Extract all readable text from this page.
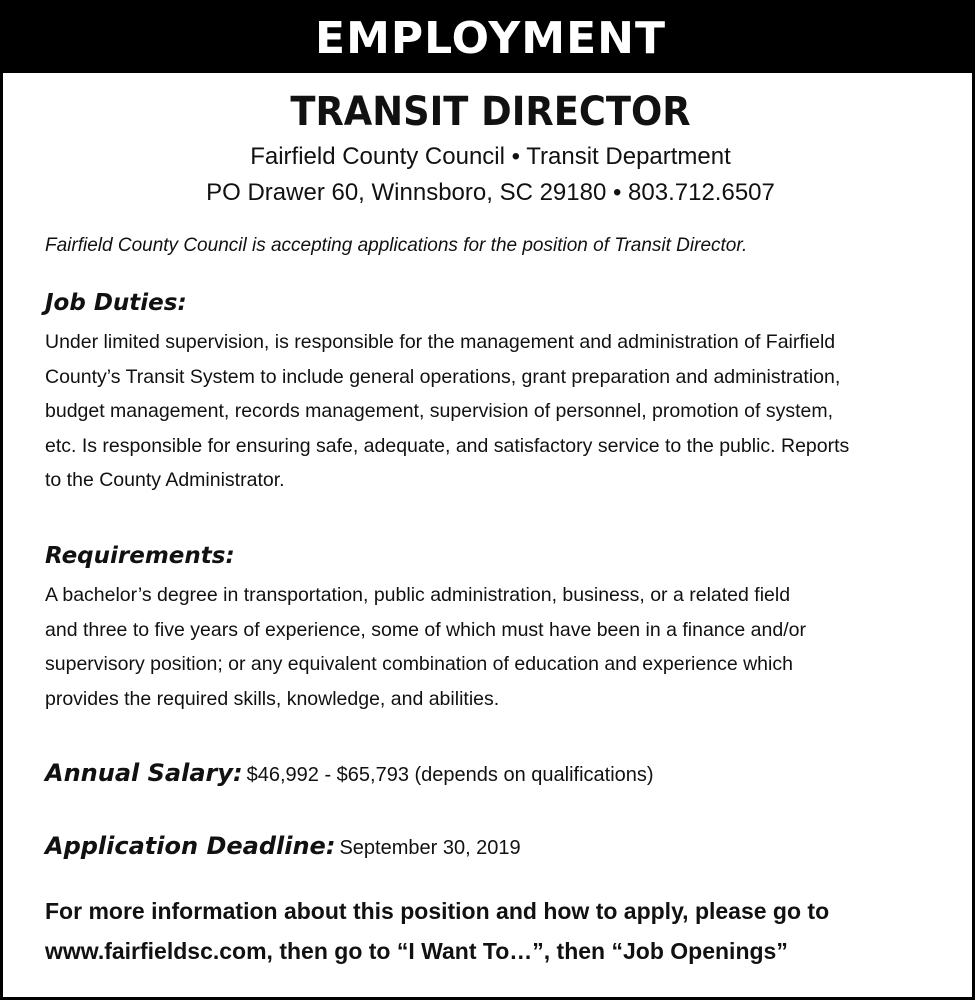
EMPLOYMENT
TRANSIT DIRECTOR
Fairfield County Council • Transit Department
PO Drawer 60, Winnsboro, SC 29180 • 803.712.6507
Fairfield County Council is accepting applications for the position of Transit Director.
Job Duties:
Under limited supervision, is responsible for the management and administration of Fairfield
County’s Transit System to include general operations, grant preparation and administration,
budget management, records management, supervision of personnel, promotion of system,
etc. Is responsible for ensuring safe, adequate, and satisfactory service to the public. Reports
to the County Administrator.
Requirements:
A bachelor’s degree in transportation, public administration, business, or a related field
and three to five years of experience, some of which must have been in a finance and/or
supervisory position; or any equivalent combination of education and experience which
provides the required skills, knowledge, and abilities.
Annual Salary: $46,992 - $65,793 (depends on qualifications)
Application Deadline: September 30, 2019
For more information about this position and how to apply, please go to
www.fairfieldsc.com, then go to “I Want To…”, then “Job Openings”
